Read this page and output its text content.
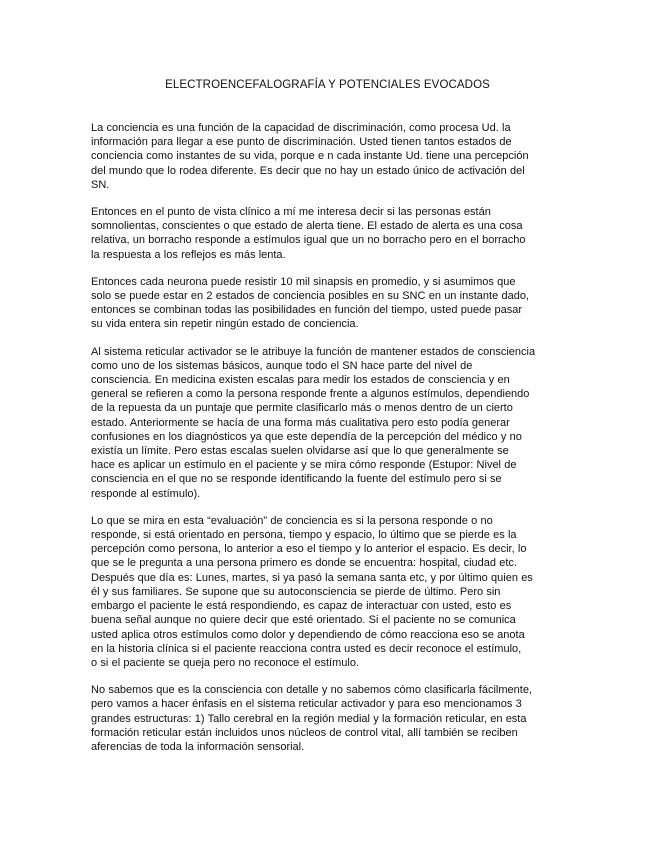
ELECTROENCEFALOGRAFÍA Y POTENCIALES EVOCADOS

La conciencia es una función de la capacidad de discriminación, como procesa Ud. la
información para llegar a ese punto de discriminación. Usted tienen tantos estados de
conciencia como instantes de su vida, porque e n cada instante Ud. tiene una percepción
del mundo que lo rodea diferente. Es decir que no hay un estado único de activación del
SN.

Entonces en el punto de vista clínico a mí me interesa decir si las personas están
somnolientas, conscientes o que estado de alerta tiene. El estado de alerta es una cosa
relativa, un borracho responde a estímulos igual que un no borracho pero en el borracho
la respuesta a los reflejos es más lenta.

Entonces cada neurona puede resistir 10 mil sinapsis en promedio, y si asumimos que
solo se puede estar en 2 estados de conciencia posibles en su SNC en un instante dado,
entonces se combinan todas las posibilidades en función del tiempo, usted puede pasar
su vida entera sin repetir ningún estado de conciencia.

Al sistema reticular activador se le atribuye la función de mantener estados de consciencia
como uno de los sistemas básicos, aunque todo el SN hace parte del nivel de
consciencia. En medicina existen escalas para medir los estados de consciencia y en
general se refieren a como la persona responde frente a algunos estímulos, dependiendo
de la repuesta da un puntaje que permite clasificarlo más o menos dentro de un cierto
estado. Anteriormente se hacía de una forma más cualitativa pero esto podía generar
confusiones en los diagnósticos ya que este dependía de la percepción del médico y no
existía un límite. Pero estas escalas suelen olvidarse así que lo que generalmente se
hace es aplicar un estímulo en el paciente y se mira cómo responde (Estupor: Nivel de
consciencia en el que no se responde identificando la fuente del estímulo pero si se
responde al estímulo).

Lo que se mira en esta “evaluación” de conciencia es si la persona responde o no
responde, si está orientado en persona, tiempo y espacio, lo último que se pierde es la
percepción como persona, lo anterior a eso el tiempo y lo anterior el espacio. Es decir, lo
que se le pregunta a una persona primero es donde se encuentra: hospital, ciudad etc.
Después que día es: Lunes, martes, si ya pasó la semana santa etc, y por último quien es
él y sus familiares. Se supone que su autoconsciencia se pierde de último. Pero sin
embargo el paciente le está respondiendo, es capaz de interactuar con usted, esto es
buena señal aunque no quiere decir que esté orientado. Si el paciente no se comunica
usted aplica otros estímulos como dolor y dependiendo de cómo reacciona eso se anota
en la historia clínica si el paciente reacciona contra usted es decir reconoce el estímulo,
o si el paciente se queja pero no reconoce el estímulo.

No sabemos que es la consciencia con detalle y no sabemos cómo clasificarla fácilmente,
pero vamos a hacer énfasis en el sistema reticular activador y para eso mencionamos 3
grandes estructuras: 1) Tallo cerebral en la región medial y la formación reticular, en esta
formación reticular están incluidos unos núcleos de control vital, allí también se reciben
aferencias de toda la información sensorial.
